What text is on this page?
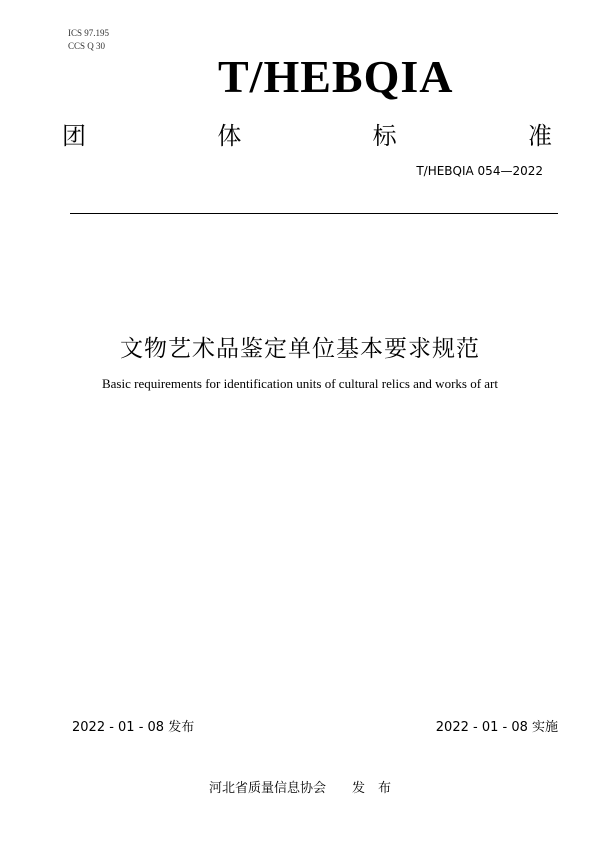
ICS 97.195
CCS Q 30
T/HEBQIA
团	体	标	准
T/HEBQIA 054—2022
文物艺术品鉴定单位基本要求规范
Basic requirements for identification units of cultural relics and works of art
2022 - 01 - 08 发布	2022 - 01 - 08 实施
河北省质量信息协会　　发　布
